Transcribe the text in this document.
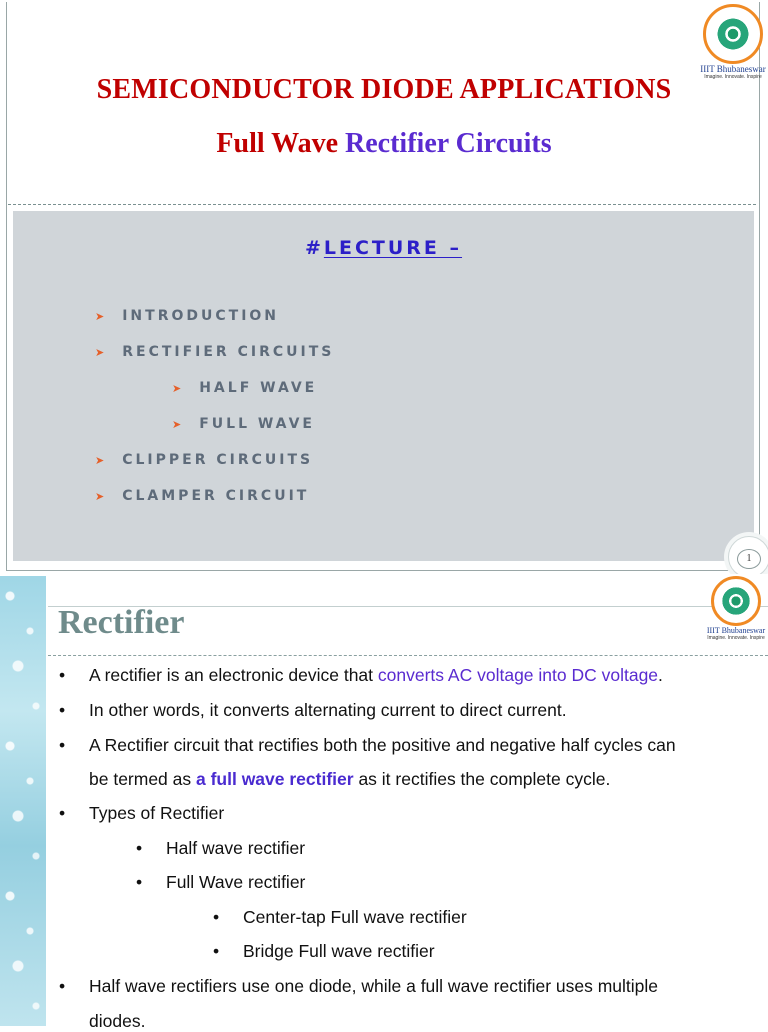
IIIT Bhubaneswar
Imagine. Innovate. Inspire
SEMICONDUCTOR DIODE APPLICATIONS
Full Wave Rectifier Circuits
#LECTURE –
➤ INTRODUCTION
➤ RECTIFIER CIRCUITS
➤ HALF WAVE
➤ FULL WAVE
➤ CLIPPER CIRCUITS
➤ CLAMPER CIRCUIT
1
IIIT Bhubaneswar
Imagine. Innovate. Inspire
Rectifier
• A rectifier is an electronic device that converts AC voltage into DC voltage.
• In other words, it converts alternating current to direct current.
• A Rectifier circuit that rectifies both the positive and negative half cycles can
be termed as a full wave rectifier as it rectifies the complete cycle.
• Types of Rectifier
• Half wave rectifier
• Full Wave rectifier
• Center-tap Full wave rectifier
• Bridge Full wave rectifier
• Half wave rectifiers use one diode, while a full wave rectifier uses multiple
diodes.
